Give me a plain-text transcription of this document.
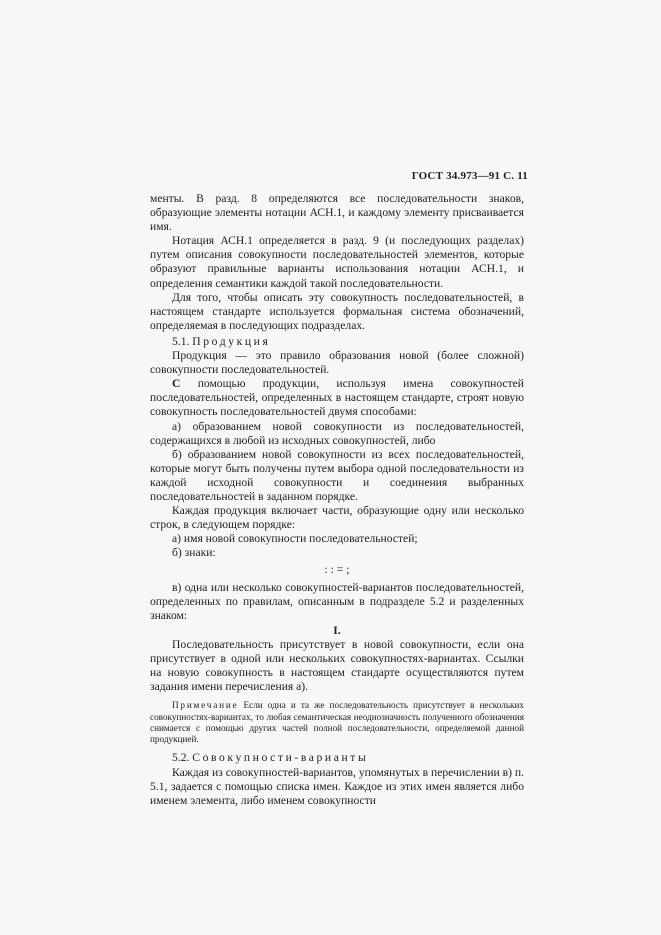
ГОСТ 34.973—91 С. 11

менты. В разд. 8 определяются все последовательности знаков, образующие элементы нотации АСН.1, и каждому элементу присваивается имя.

Нотация АСН.1 определяется в разд. 9 (и последующих разделах) путем описания совокупности последовательностей элементов, которые образуют правильные варианты использования нотации АСН.1, и определения семантики каждой такой последовательности.

Для того, чтобы описать эту совокупность последовательностей, в настоящем стандарте используется формальная система обозначений, определяемая в последующих подразделах.

5.1. Продукция

Продукция — это правило образования новой (более сложной) совокупности последовательностей.

С помощью продукции, используя имена совокупностей последовательностей, определенных в настоящем стандарте, строят новую совокупность последовательностей двумя способами:

а) образованием новой совокупности из последовательностей, содержащихся в любой из исходных совокупностей, либо

б) образованием новой совокупности из всех последовательностей, которые могут быть получены путем выбора одной последовательности из каждой исходной совокупности и соединения выбранных последовательностей в заданном порядке.

Каждая продукция включает части, образующие одну или несколько строк, в следующем порядке:

а) имя новой совокупности последовательностей;

б) знаки:

: : = ;

в) одна или несколько совокупностей-вариантов последовательностей, определенных по правилам, описанным в подразделе 5.2 и разделенных знаком:

I.

Последовательность присутствует в новой совокупности, если она присутствует в одной или нескольких совокупностях-вариантах. Ссылки на новую совокупность в настоящем стандарте осуществляются путем задания имени перечисления а).

Примечание Если одна и та же последовательность присутствует в нескольких совокупностях-вариантах, то любая семантическая неоднозначность полученного обозначения снимается с помощью других частей полной последовательности, определяемой данной продукцией.

5.2. Совокупности-варианты

Каждая из совокупностей-вариантов, упомянутых в перечислении в) п. 5.1, задается с помощью списка имен. Каждое из этих имен является либо именем элемента, либо именем совокупности
